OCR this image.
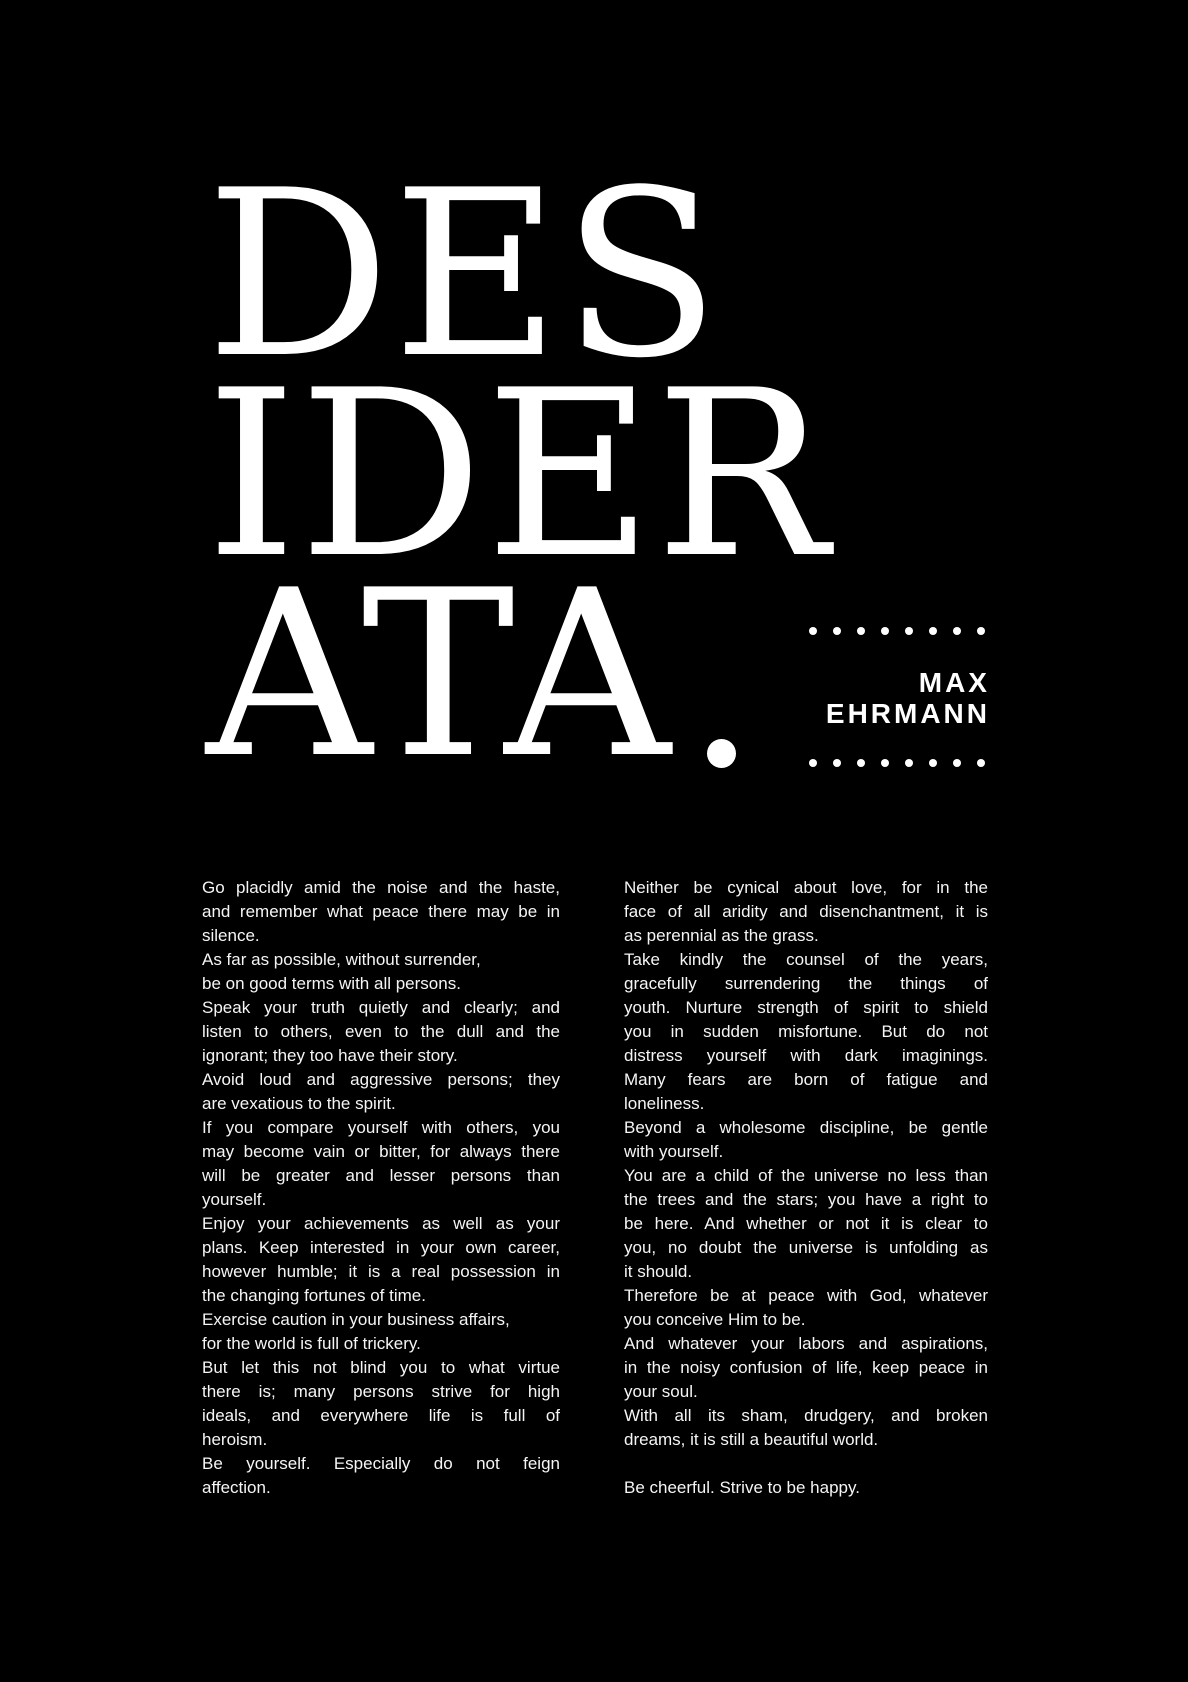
DES
IDER
ATA	MAX
EHRMANN
Go placidly amid the noise and the haste,
and remember what peace there may be in
silence.
As far as possible, without surrender,
be on good terms with all persons.
Speak your truth quietly and clearly; and
listen to others, even to the dull and the
ignorant; they too have their story.
Avoid loud and aggressive persons; they
are vexatious to the spirit.
If you compare yourself with others, you
may become vain or bitter, for always there
will be greater and lesser persons than
yourself.
Enjoy your achievements as well as your
plans. Keep interested in your own career,
however humble; it is a real possession in
the changing fortunes of time.
Exercise caution in your business affairs,
for the world is full of trickery.
But let this not blind you to what virtue
there is; many persons strive for high
ideals, and everywhere life is full of
heroism.
Be yourself. Especially do not feign
affection.
Neither be cynical about love, for in the
face of all aridity and disenchantment, it is
as perennial as the grass.
Take kindly the counsel of the years,
gracefully surrendering the things of
youth. Nurture strength of spirit to shield
you in sudden misfortune. But do not
distress yourself with dark imaginings.
Many fears are born of fatigue and
loneliness.
Beyond a wholesome discipline, be gentle
with yourself.
You are a child of the universe no less than
the trees and the stars; you have a right to
be here. And whether or not it is clear to
you, no doubt the universe is unfolding as
it should.
Therefore be at peace with God, whatever
you conceive Him to be.
And whatever your labors and aspirations,
in the noisy confusion of life, keep peace in
your soul.
With all its sham, drudgery, and broken
dreams, it is still a beautiful world.
Be cheerful. Strive to be happy.
